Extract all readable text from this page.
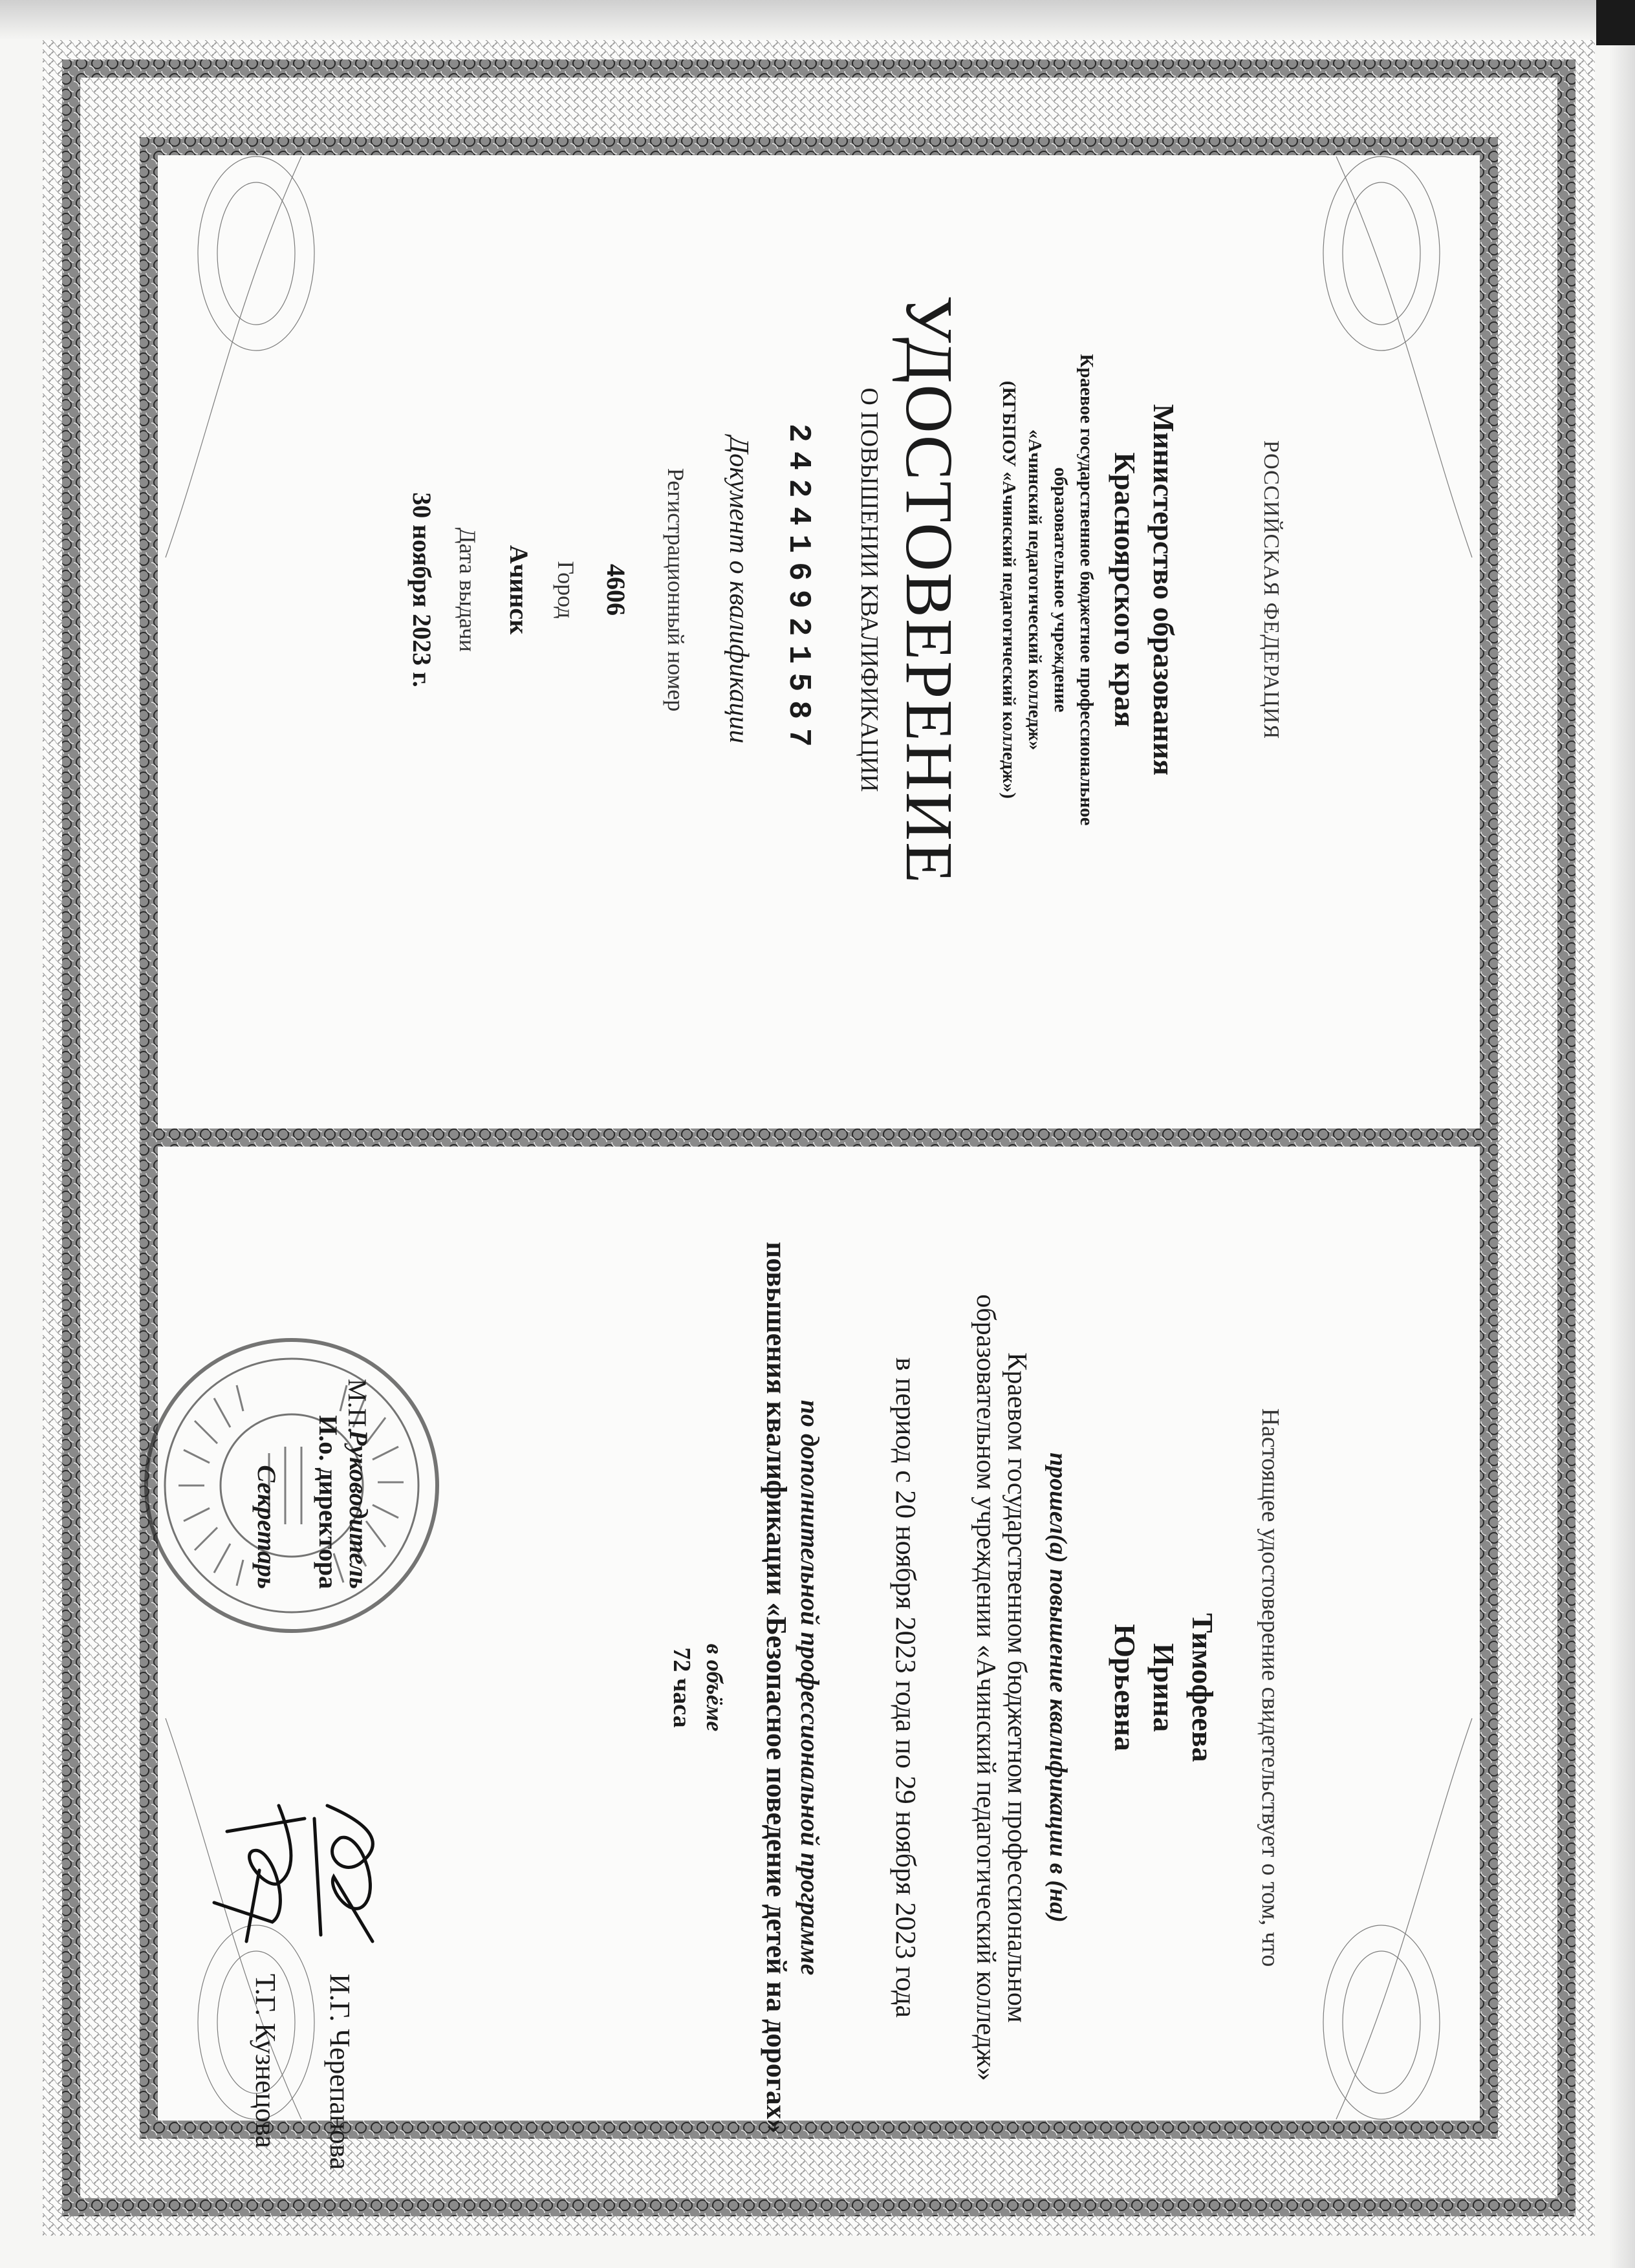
РОССИЙСКАЯ ФЕДЕРАЦИЯ
Министерство образования
Красноярского края
Краевое государственное бюджетное профессиональное
образовательное учреждение
«Ачинский педагогический колледж»
(КГБПОУ «Ачинский педагогический колледж»)
УДОСТОВЕРЕНИЕ
О ПОВЫШЕНИИ КВАЛИФИКАЦИИ
242416921587
Документ о квалификации
Регистрационный номер
4606
Город
Ачинск
Дата выдачи
30 ноября 2023 г.
Настоящее удостоверение свидетельствует о том, что
Тимофеева
Ирина
Юрьевна
прошел(а) повышение квалификации в (на)
Краевом государственном бюджетном профессиональном
образовательном учреждении «Ачинский педагогический колледж»
в период с 20 ноября 2023 года по 29 ноября 2023 года
по дополнительной профессиональной программе
повышения квалификации «Безопасное поведение детей на дорогах»
в объёме
72 часа
М.П.
Руководитель
И.о. директора
Секретарь
И.Г. Черепанова
Т.Г. Кузнецова
